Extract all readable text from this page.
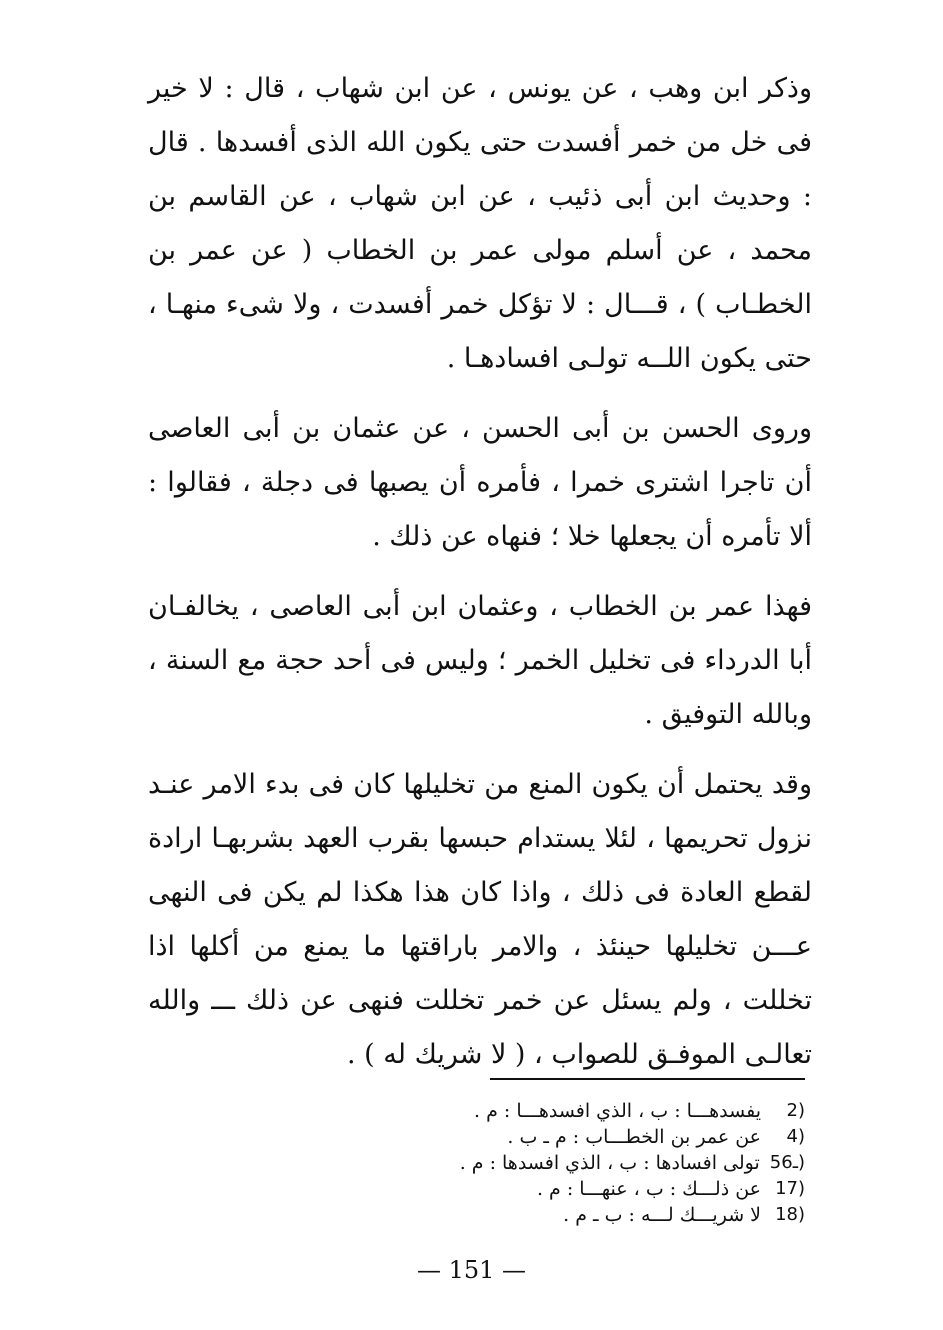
وذكر ابن وهب ، عن يونس ، عن ابن شهاب ، قال : لا خير فى خل من خمر أفسدت حتى يكون الله الذى أفسدها . قال : وحديث ابن أبى ذئيب ، عن ابن شهاب ، عن القاسم بن محمد ، عن أسلم مولى عمر بن الخطاب ( عن عمر بن الخطـاب ) ، قـــال : لا تؤكل خمر أفسدت ، ولا شىء منهـا ، حتى يكون اللــه تولـى افسادهـا .

وروى الحسن بن أبى الحسن ، عن عثمان بن أبى العاصى أن تاجرا اشترى خمرا ، فأمره أن يصبها فى دجلة ، فقالوا : ألا تأمره أن يجعلها خلا ؛ فنهاه عن ذلك .

فهذا عمر بن الخطاب ، وعثمان ابن أبى العاصى ، يخالفـان أبا الدرداء فى تخليل الخمر ؛ وليس فى أحد حجة مع السنة ، وبالله التوفيق .

وقد يحتمل أن يكون المنع من تخليلها كان فى بدء الامر عنـد نزول تحريمها ، لئلا يستدام حبسها بقرب العهد بشربهـا ارادة لقطع العادة فى ذلك ، واذا كان هذا هكذا لم يكن فى النهى عـــن تخليلها حينئذ ، والامر باراقتها ما يمنع من أكلها اذا تخللت ، ولم يسئل عن خمر تخللت فنهى عن ذلك ـــ والله تعالـى الموفـق للصواب ، ( لا شريك له ) .

2)
يفسدهـــا : ب ، الذي افسدهـــا : م .
4)
عن عمر بن الخطـــاب : م ـ ب .
5ـ6)
تولى افسادها : ب ، الذي افسدها : م .
17)
عن ذلـــك : ب ، عنهـــا : م .
18)
لا شريـــك لـــه : ب ـ م .
— 151 —
